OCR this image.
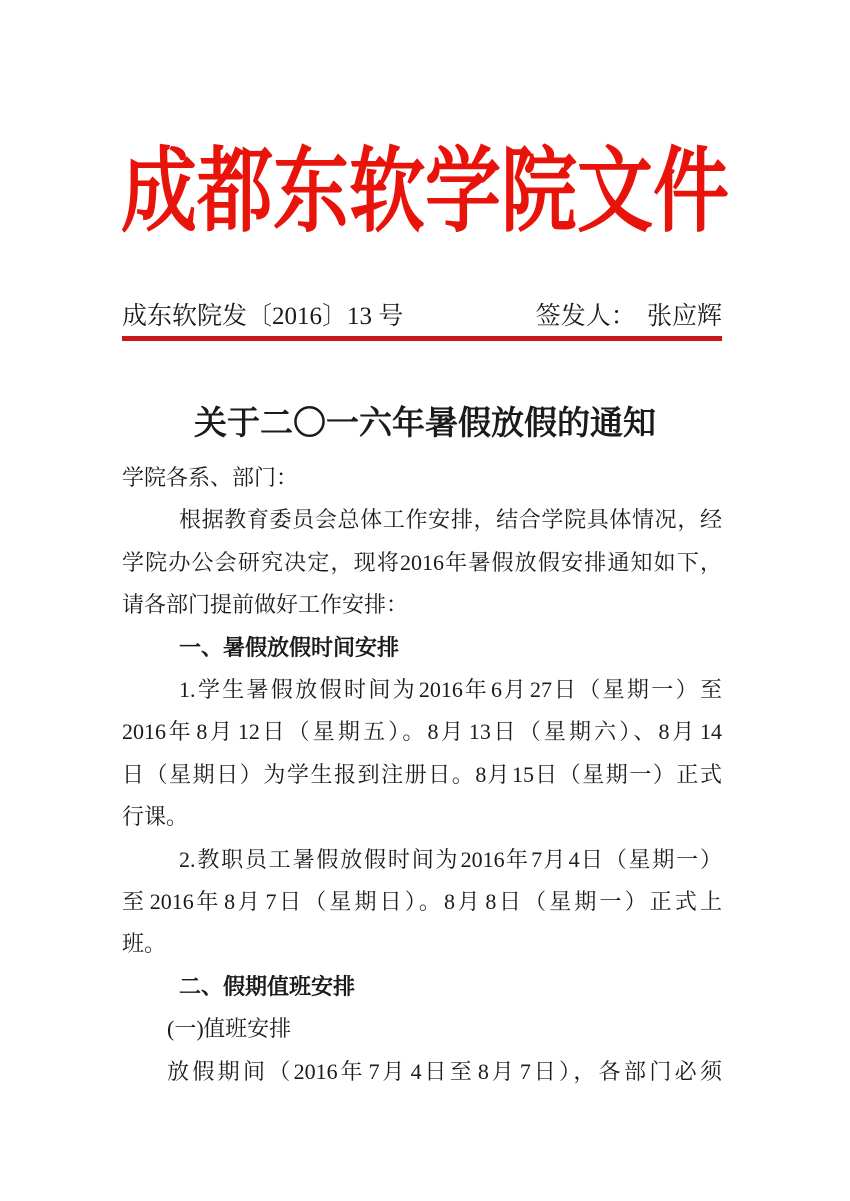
成都东软学院文件
成东软院发〔2016〕13 号	签发人： 张应辉
关于二〇一六年暑假放假的通知
学院各系、部门：
根据教育委员会总体工作安排，结合学院具体情况，经
学院办公会研究决定，现将2016年暑假放假安排通知如下，
请各部门提前做好工作安排：
一、暑假放假时间安排
1.学生暑假放假时间为 2016 年 6 月 27 日（星期一）至
2016 年 8 月 12 日（星期五）。8 月 13 日（星期六）、8 月 14
日（星期日）为学生报到注册日。8 月 15 日（星期一）正式
行课。
2.教职员工暑假放假时间为 2016 年 7 月 4 日（星期一）
至 2016 年 8 月 7 日（星期日）。8 月 8 日（星期一）正式上
班。
二、假期值班安排
(一) 值班安排
放假期间（2016 年 7 月 4 日至 8 月 7 日），各部门必须
